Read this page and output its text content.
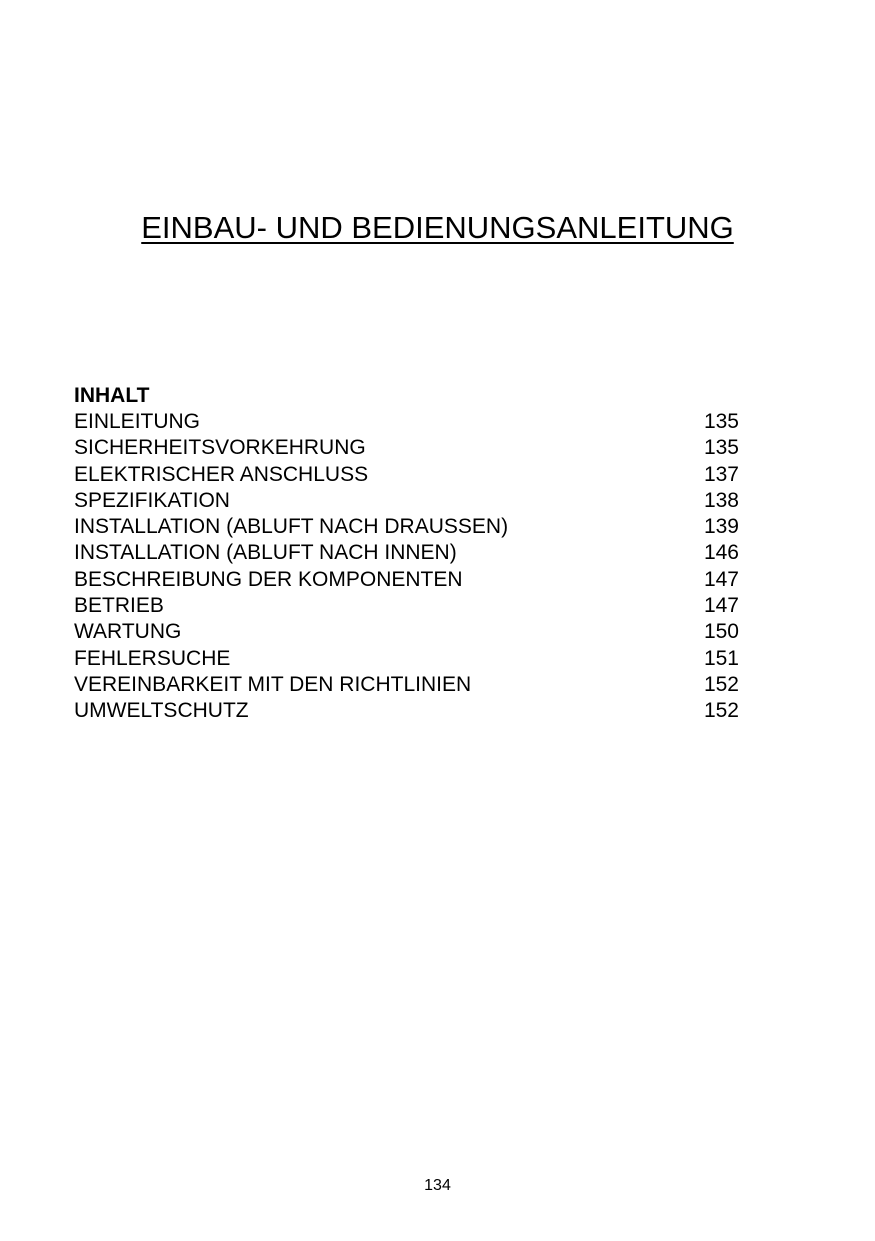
EINBAU- UND BEDIENUNGSANLEITUNG
INHALT
EINLEITUNG	135
SICHERHEITSVORKEHRUNG	135
ELEKTRISCHER ANSCHLUSS	137
SPEZIFIKATION	138
INSTALLATION (ABLUFT NACH DRAUSSEN)	139
INSTALLATION (ABLUFT NACH INNEN)	146
BESCHREIBUNG DER KOMPONENTEN	147
BETRIEB	147
WARTUNG	150
FEHLERSUCHE	151
VEREINBARKEIT MIT DEN RICHTLINIEN	152
UMWELTSCHUTZ	152
134
